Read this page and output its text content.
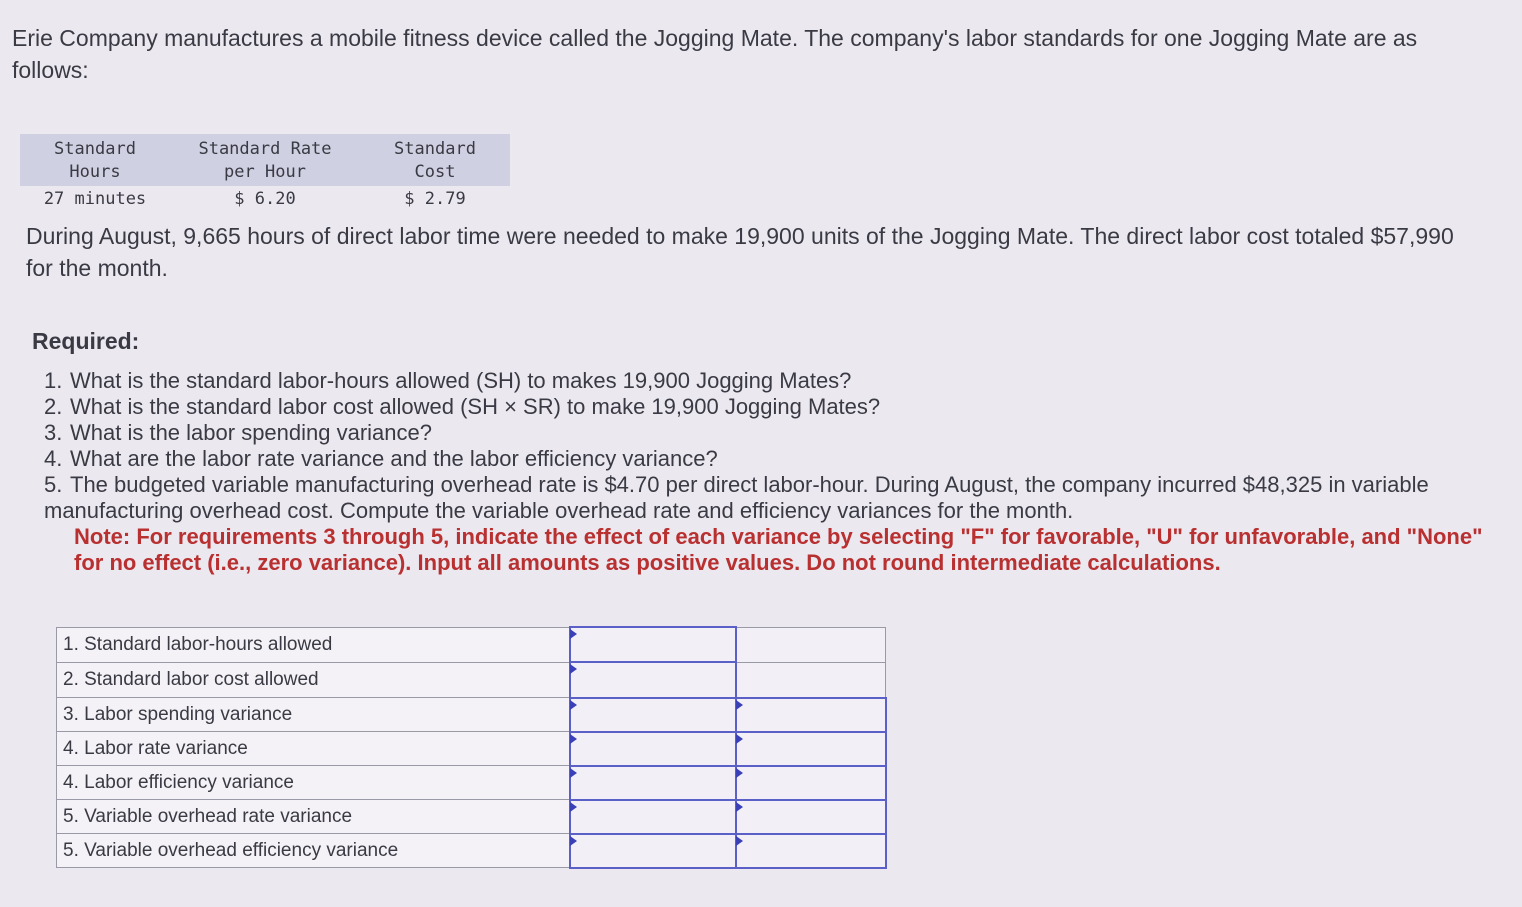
Erie Company manufactures a mobile fitness device called the Jogging Mate. The company's labor standards for one Jogging Mate are as follows:

Standard Hours	Standard Rate per Hour	Standard Cost
27 minutes	$ 6.20	$ 2.79

During August, 9,665 hours of direct labor time were needed to make 19,900 units of the Jogging Mate. The direct labor cost totaled $57,990 for the month.

Required:

1. What is the standard labor-hours allowed (SH) to makes 19,900 Jogging Mates?
2. What is the standard labor cost allowed (SH × SR) to make 19,900 Jogging Mates?
3. What is the labor spending variance?
4. What are the labor rate variance and the labor efficiency variance?
5. The budgeted variable manufacturing overhead rate is $4.70 per direct labor-hour. During August, the company incurred $48,325 in variable manufacturing overhead cost. Compute the variable overhead rate and efficiency variances for the month.
Note: For requirements 3 through 5, indicate the effect of each variance by selecting "F" for favorable, "U" for unfavorable, and "None" for no effect (i.e., zero variance). Input all amounts as positive values. Do not round intermediate calculations.
1. Standard labor-hours allowed	

2. Standard labor cost allowed	

3. Labor spending variance	

4. Labor rate variance	

4. Labor efficiency variance	

5. Variable overhead rate variance	

5. Variable overhead efficiency variance	
